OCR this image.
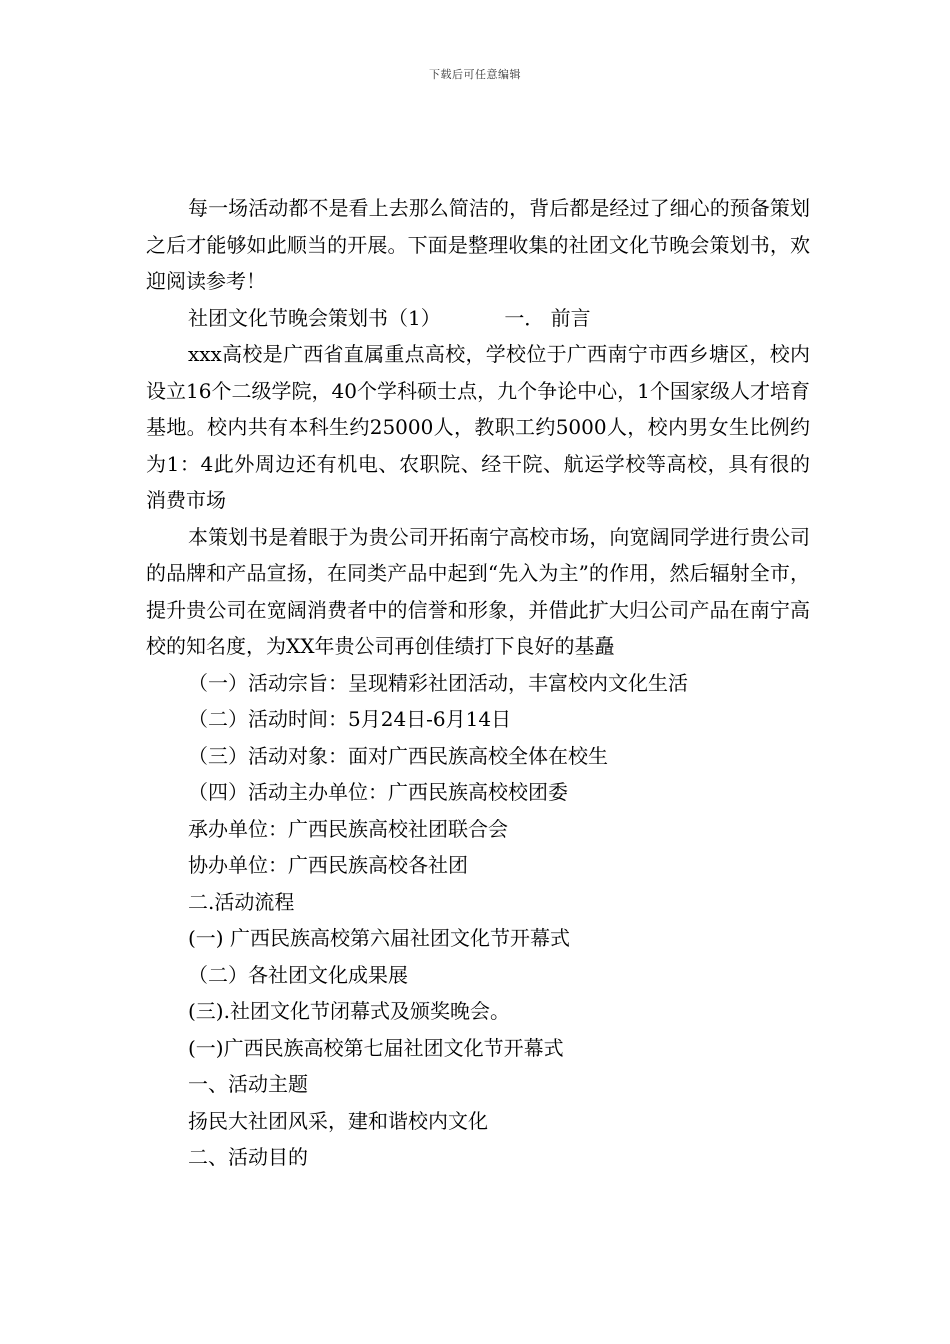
下载后可任意编辑

每一场活动都不是看上去那么简洁的，背后都是经过了细心的预备策划之后才能够如此顺当的开展。下面是整理收集的社团文化节晚会策划书，欢迎阅读参考！

社团文化节晚会策划书（1）	一． 前言

xxx高校是广西省直属重点高校，学校位于广西南宁市西乡塘区，校内设立16个二级学院，40个学科硕士点，九个争论中心，1个国家级人才培育基地。校内共有本科生约25000人，教职工约5000人，校内男女生比例约为1：4此外周边还有机电、农职院、经干院、航运学校等高校，具有很的消费市场

本策划书是着眼于为贵公司开拓南宁高校市场，向宽阔同学进行贵公司的品牌和产品宣扬，在同类产品中起到“先入为主”的作用，然后辐射全市，提升贵公司在宽阔消费者中的信誉和形象，并借此扩大归公司产品在南宁高校的知名度，为XX年贵公司再创佳绩打下良好的基矗

（一）活动宗旨：呈现精彩社团活动，丰富校内文化生活

（二）活动时间：5月24日-6月14日

（三）活动对象：面对广西民族高校全体在校生

（四）活动主办单位：广西民族高校校团委

承办单位：广西民族高校社团联合会

协办单位：广西民族高校各社团

二.活动流程

(一) 广西民族高校第六届社团文化节开幕式

（二）各社团文化成果展

(三).社团文化节闭幕式及颁奖晚会。

(一)广西民族高校第七届社团文化节开幕式

一、活动主题

扬民大社团风采，建和谐校内文化

二、活动目的
